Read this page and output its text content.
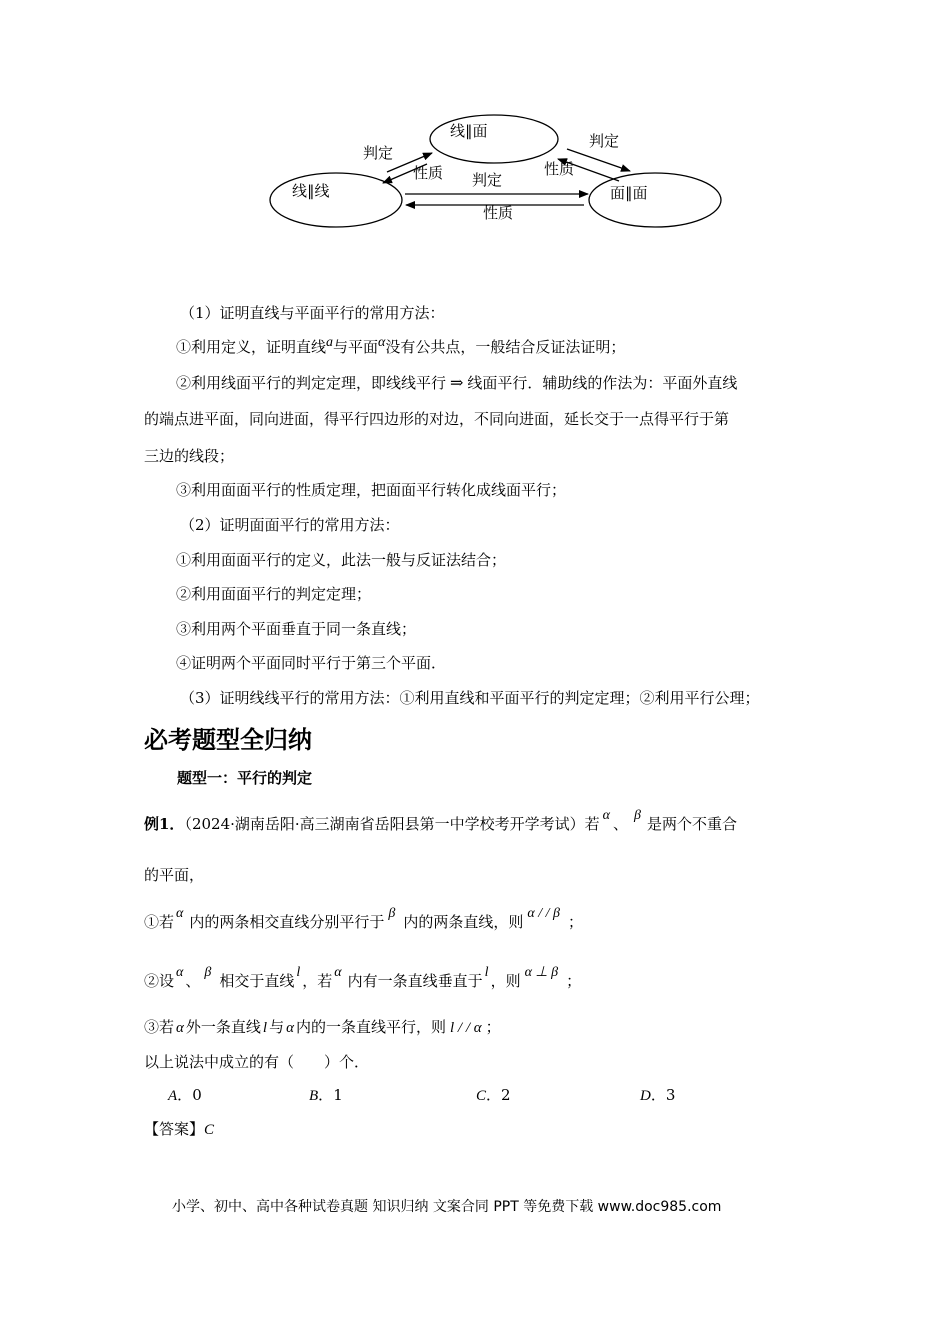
线∥面
线∥线	面∥面
判定
性质
判定
性质
判定
性质
（1）证明直线与平面平行的常用方法：
①利用定义，证明直线a与平面α没有公共点，一般结合反证法证明；
②利用线面平行的判定定理，即线线平行 ⇒ 线面平行．辅助线的作法为：平面外直线
的端点进平面，同向进面，得平行四边形的对边，不同向进面，延长交于一点得平行于第
三边的线段；
③利用面面平行的性质定理，把面面平行转化成线面平行；
（2）证明面面平行的常用方法：
①利用面面平行的定义，此法一般与反证法结合；
②利用面面平行的判定定理；
③利用两个平面垂直于同一条直线；
④证明两个平面同时平行于第三个平面．
（3）证明线线平行的常用方法：①利用直线和平面平行的判定定理；②利用平行公理；
必考题型全归纳
题型一：平行的判定
例1．（2024·湖南岳阳·高三湖南省岳阳县第一中学校考开学考试）若 α 、 β 是两个不重合
的平面，
①若 α 内的两条相交直线分别平行于 β 内的两条直线，则 α / / β ；
②设 α 、 β 相交于直线 l ，若 α 内有一条直线垂直于 l ，则 α ⊥ β ；
③若 α 外一条直线 l 与 α 内的一条直线平行，则 l / / α ；
以上说法中成立的有（　　）个．
A．0	B．1	C．2	D．3
【答案】C
小学、初中、高中各种试卷真题 知识归纳 文案合同 PPT 等免费下载 www.doc985.com
